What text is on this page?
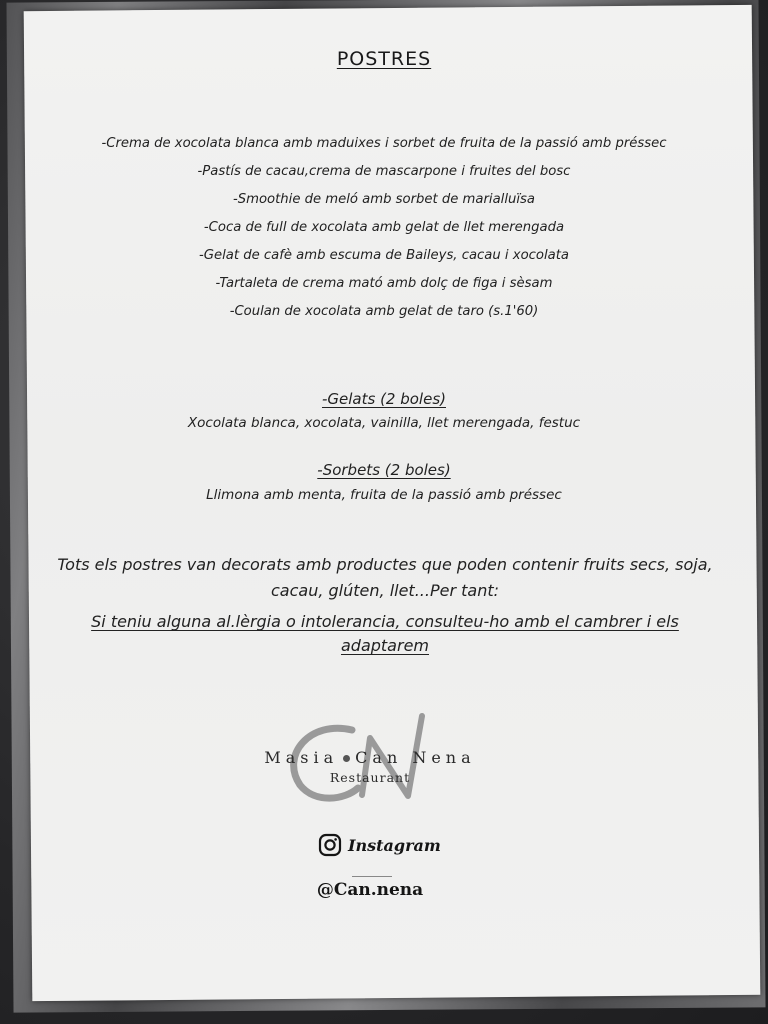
POSTRES
-Crema de xocolata blanca amb maduixes i sorbet de fruita de la passió amb préssec
-Pastís de cacau,crema de mascarpone i fruites del bosc
-Smoothie de meló amb sorbet de marialluïsa
-Coca de full de xocolata amb gelat de llet merengada
-Gelat de cafè amb escuma de Baileys, cacau i xocolata
-Tartaleta de crema mató amb dolç de figa i sèsam
-Coulan de xocolata amb gelat de taro (s.1'60)
-Gelats (2 boles)
Xocolata blanca, xocolata, vainilla, llet merengada, festuc
-Sorbets (2 boles)
Llimona amb menta, fruita de la passió amb préssec
Tots els postres van decorats amb productes que poden contenir fruits secs, soja, cacau, glúten, llet...Per tant:
Si teniu alguna al.lèrgia o intolerancia, consulteu-ho amb el cambrer i els adaptarem
Masia Can Nena
Restaurant
Instagram
@Can.nena
